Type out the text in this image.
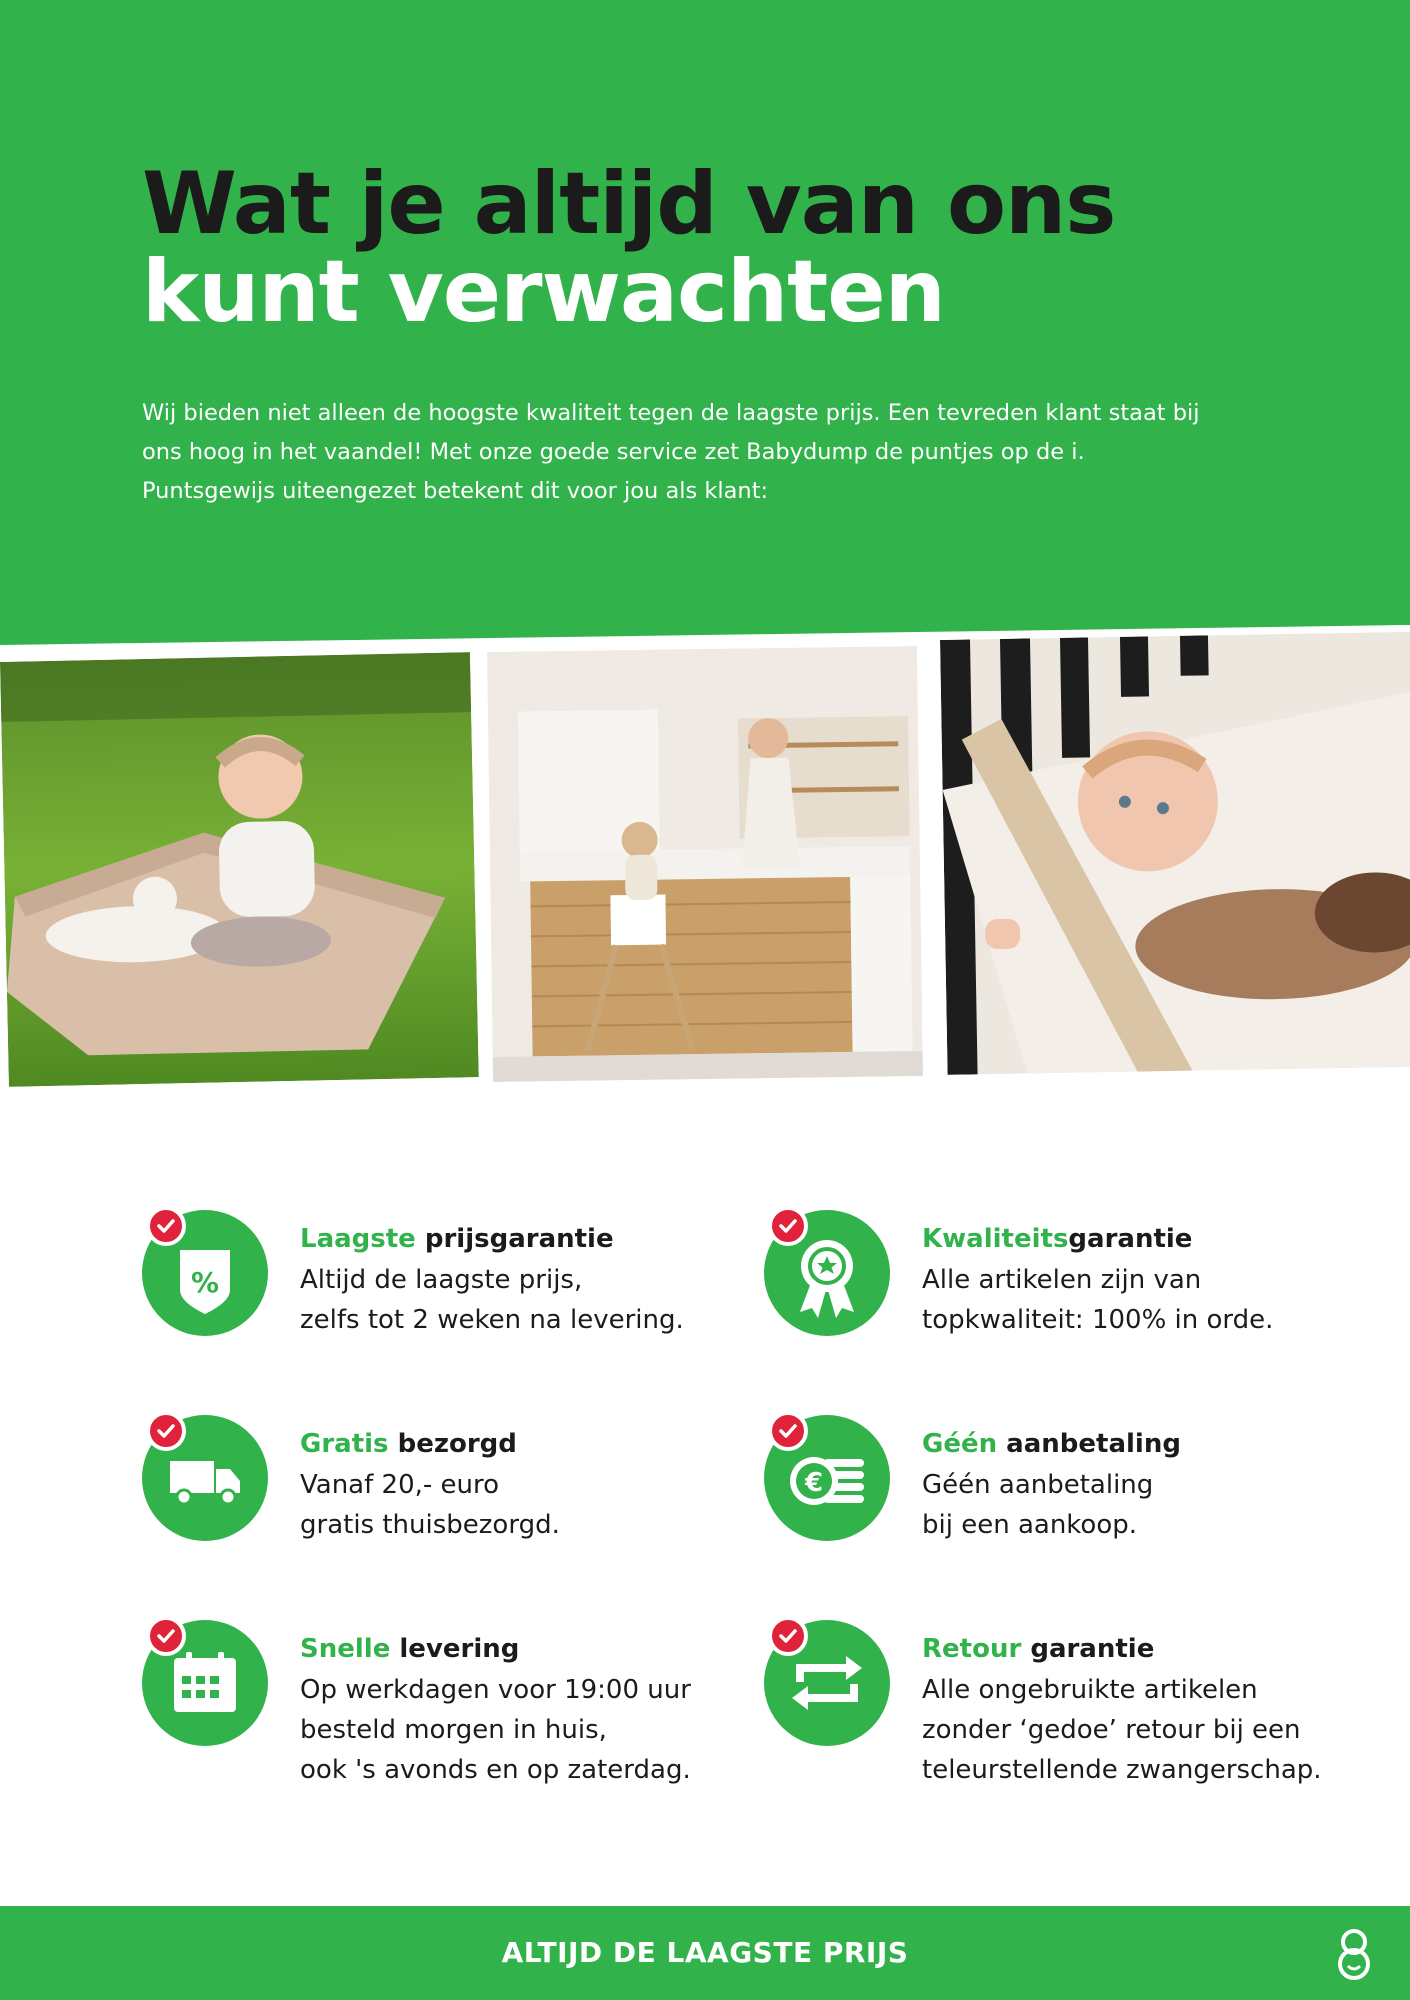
Wat je altijd van ons
kunt verwachten

Wij bieden niet alleen de hoogste kwaliteit tegen de laagste prijs. Een tevreden klant staat bij ons hoog in het vaandel! Met onze goede service zet Babydump de puntjes op de i. Puntsgewijs uiteengezet betekent dit voor jou als klant:

%

Laagste prijsgarantie

Altijd de laagste prijs,
zelfs tot 2 weken na levering.

Kwaliteitsgarantie

Alle artikelen zijn van
topkwaliteit: 100% in orde.

Gratis bezorgd

Vanaf 20,- euro
gratis thuisbezorgd.

€

Géén aanbetaling

Géén aanbetaling
bij een aankoop.

Snelle levering

Op werkdagen voor 19:00 uur
besteld morgen in huis,
ook 's avonds en op zaterdag.

Retour garantie

Alle ongebruikte artikelen
zonder ‘gedoe’ retour bij een
teleurstellende zwangerschap.

ALTIJD DE LAAGSTE PRIJS
